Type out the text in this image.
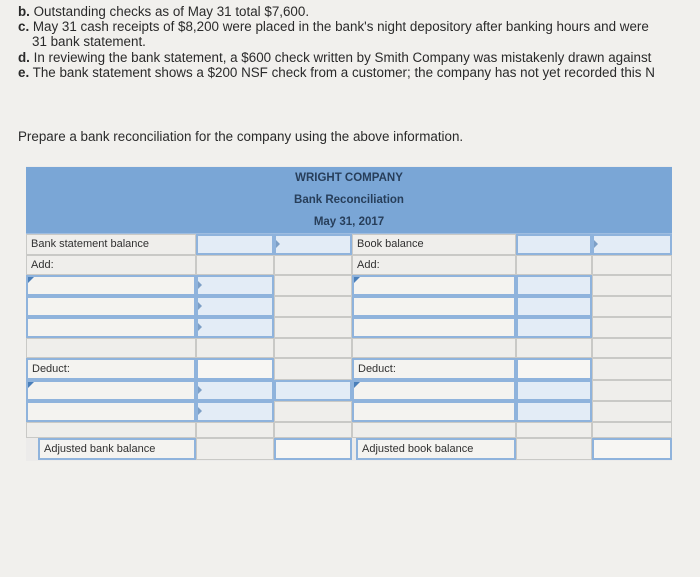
b. Outstanding checks as of May 31 total $7,600.

c. May 31 cash receipts of $8,200 were placed in the bank's night depository after banking hours and were

31 bank statement.

d. In reviewing the bank statement, a $600 check written by Smith Company was mistakenly drawn against

e. The bank statement shows a $200 NSF check from a customer; the company has not yet recorded this N

Prepare a bank reconciliation for the company using the above information.
WRIGHT COMPANY
Bank Reconciliation
May 31, 2017
Bank statement balance	Book balance
Add:	Add:
Deduct:	Deduct:
Adjusted bank balance	Adjusted book balance
